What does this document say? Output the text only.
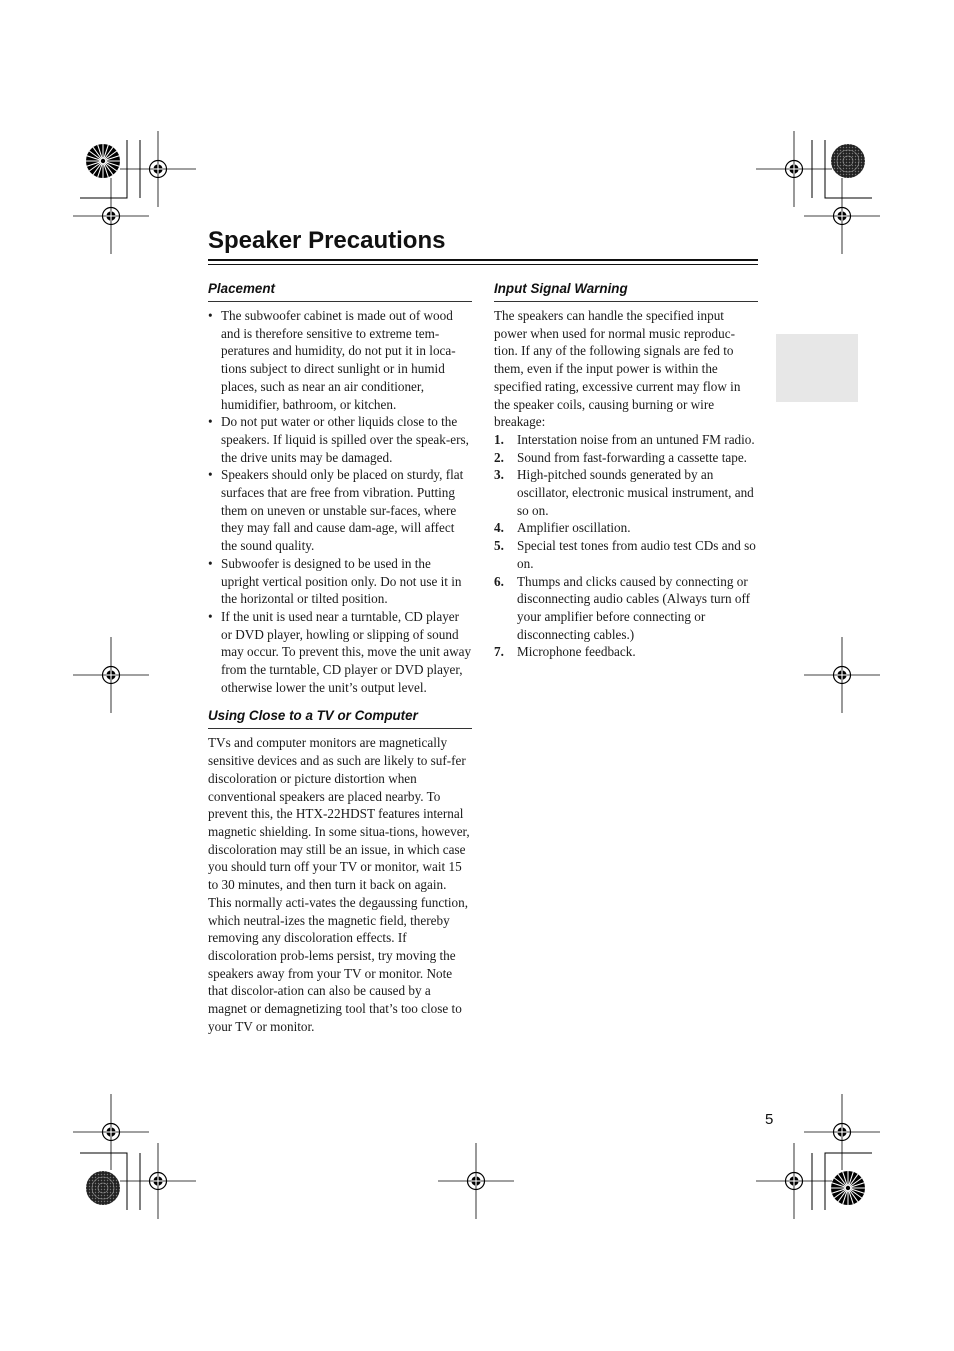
Speaker Precautions
Placement
• The subwoofer cabinet is made out of wood and is therefore sensitive to extreme tem-peratures and humidity, do not put it in loca-tions subject to direct sunlight or in humid places, such as near an air conditioner, humidifier, bathroom, or kitchen.
• Do not put water or other liquids close to the speakers. If liquid is spilled over the speak-ers, the drive units may be damaged.
• Speakers should only be placed on sturdy, flat surfaces that are free from vibration. Putting them on uneven or unstable sur-faces, where they may fall and cause dam-age, will affect the sound quality.
• Subwoofer is designed to be used in the upright vertical position only. Do not use it in the horizontal or tilted position.
• If the unit is used near a turntable, CD player or DVD player, howling or slipping of sound may occur. To prevent this, move the unit away from the turntable, CD player or DVD player, otherwise lower the unit’s output level.
Using Close to a TV or Computer

TVs and computer monitors are magnetically sensitive devices and as such are likely to suf-fer discoloration or picture distortion when conventional speakers are placed nearby. To prevent this, the HTX-22HDST features internal magnetic shielding. In some situa-tions, however, discoloration may still be an issue, in which case you should turn off your TV or monitor, wait 15 to 30 minutes, and then turn it back on again. This normally acti-vates the degaussing function, which neutral-izes the magnetic field, thereby removing any discoloration effects. If discoloration prob-lems persist, try moving the speakers away from your TV or monitor. Note that discolor-ation can also be caused by a magnet or demagnetizing tool that’s too close to your TV or monitor.

Input Signal Warning

The speakers can handle the specified input power when used for normal music reproduc-tion. If any of the following signals are fed to them, even if the input power is within the specified rating, excessive current may flow in the speaker coils, causing burning or wire breakage:

1. Interstation noise from an untuned FM radio.
2. Sound from fast-forwarding a cassette tape.
3. High-pitched sounds generated by an oscillator, electronic musical instrument, and so on.
4. Amplifier oscillation.
5. Special test tones from audio test CDs and so on.
6. Thumps and clicks caused by connecting or disconnecting audio cables (Always turn off your amplifier before connecting or disconnecting cables.)
7. Microphone feedback.
5
